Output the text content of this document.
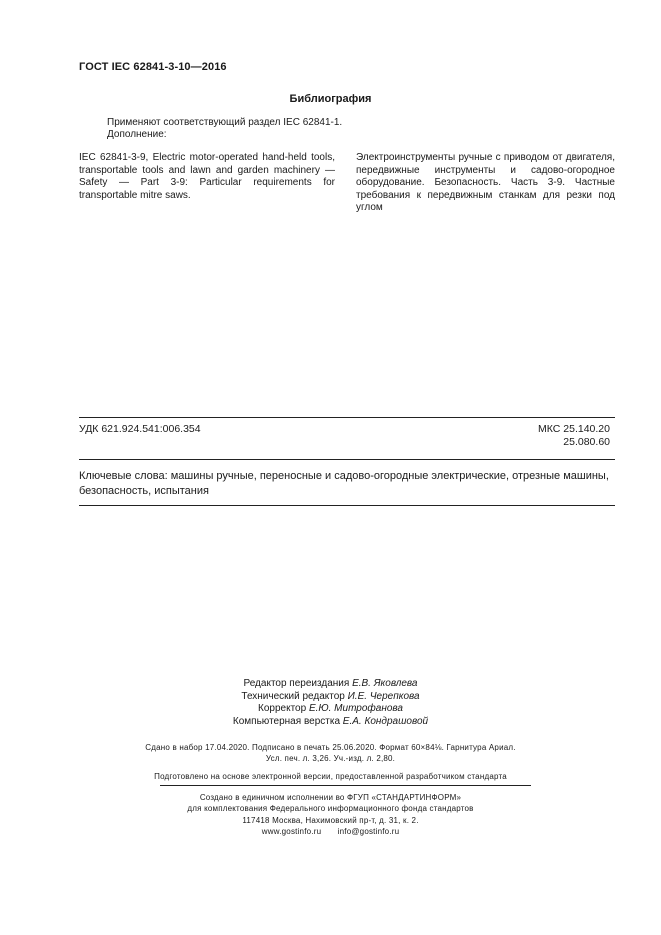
ГОСТ IEC 62841-3-10—2016
Библиография
Применяют соответствующий раздел IEC 62841-1.
Дополнение:
IEC 62841-3-9, Electric motor-operated hand-held tools, transportable tools and lawn and garden machinery — Safety — Part 3-9: Particular requirements for transportable mitre saws.
Электроинструменты ручные с приводом от двигателя, передвижные инструменты и садово-огородное оборудование. Безопасность. Часть 3-9. Частные требования к передвижным станкам для резки под углом
УДК 621.924.541:006.354	МКС 25.140.20
25.080.60
Ключевые слова: машины ручные, переносные и садово-огородные электрические, отрезные машины, безопасность, испытания
Редактор переиздания Е.В. Яковлева
Технический редактор И.Е. Черепкова
Корректор Е.Ю. Митрофанова
Компьютерная верстка Е.А. Кондрашовой
Сдано в набор 17.04.2020. Подписано в печать 25.06.2020. Формат 60×84⅛. Гарнитура Ариал.
Усл. печ. л. 3,26. Уч.-изд. л. 2,80.
Подготовлено на основе электронной версии, предоставленной разработчиком стандарта
Создано в единичном исполнении во ФГУП «СТАНДАРТИНФОРМ»
для комплектования Федерального информационного фонда стандартов
117418 Москва, Нахимовский пр-т, д. 31, к. 2.
www.gostinfo.ru info@gostinfo.ru
